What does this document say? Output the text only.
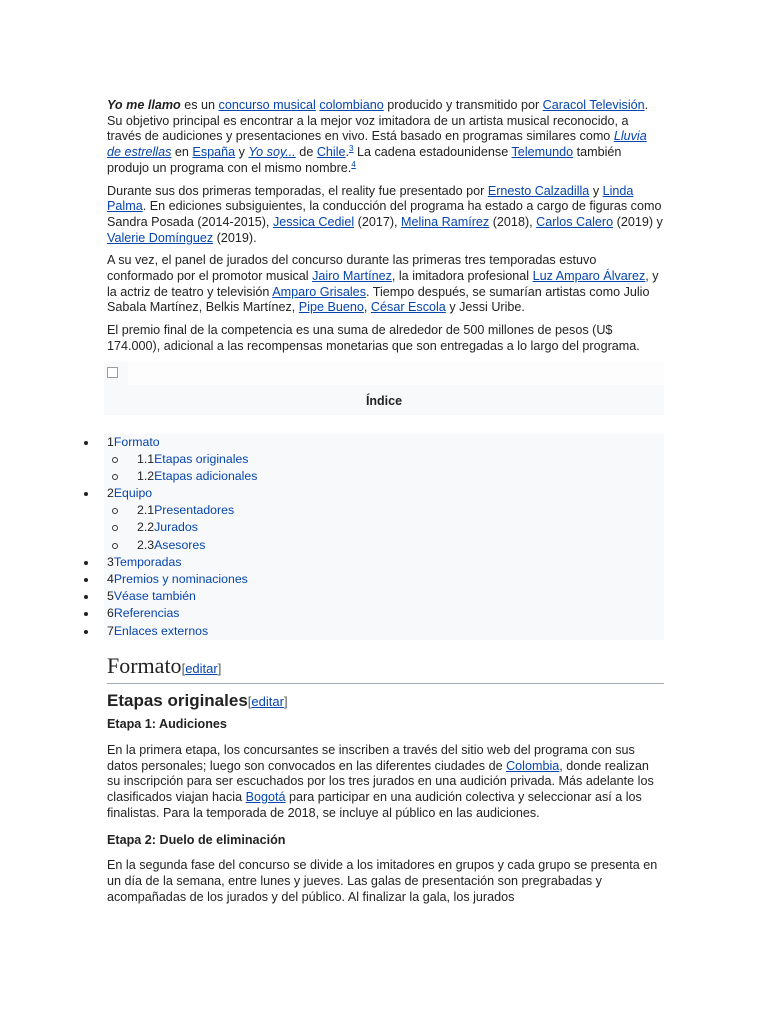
Yo me llamo es un concurso musical colombiano producido y transmitido por Caracol Televisión. Su objetivo principal es encontrar a la mejor voz imitadora de un artista musical reconocido, a través de audiciones y presentaciones en vivo. Está basado en programas similares como Lluvia de estrellas en España y Yo soy... de Chile.$^3$ La cadena estadounidense Telemundo también produjo un programa con el mismo nombre.$^4$

Durante sus dos primeras temporadas, el reality fue presentado por Ernesto Calzadilla y Linda Palma. En ediciones subsiguientes, la conducción del programa ha estado a cargo de figuras como Sandra Posada (2014-2015), Jessica Cediel (2017), Melina Ramírez (2018), Carlos Calero (2019) y Valerie Domínguez (2019).

A su vez, el panel de jurados del concurso durante las primeras tres temporadas estuvo conformado por el promotor musical Jairo Martínez, la imitadora profesional Luz Amparo Álvarez, y la actriz de teatro y televisión Amparo Grisales. Tiempo después, se sumarían artistas como Julio Sabala Martínez, Belkis Martínez, Pipe Bueno, César Escola y Jessi Uribe.

El premio final de la competencia es una suma de alrededor de 500 millones de pesos (U$ 174.000), adicional a las recompensas monetarias que son entregadas a lo largo del programa.

Índice
1Formato
1.1Etapas originales
1.2Etapas adicionales
2Equipo
2.1Presentadores
2.2Jurados
2.3Asesores
3Temporadas
4Premios y nominaciones
5Véase también
6Referencias
7Enlaces externos
Formato[editar]
Etapas originales[editar]
Etapa 1: Audiciones

En la primera etapa, los concursantes se inscriben a través del sitio web del programa con sus datos personales; luego son convocados en las diferentes ciudades de Colombia, donde realizan su inscripción para ser escuchados por los tres jurados en una audición privada. Más adelante los clasificados viajan hacia Bogotá para participar en una audición colectiva y seleccionar así a los finalistas. Para la temporada de 2018, se incluye al público en las audiciones.

Etapa 2: Duelo de eliminación

En la segunda fase del concurso se divide a los imitadores en grupos y cada grupo se presenta en un día de la semana, entre lunes y jueves. Las galas de presentación son pregrabadas y acompañadas de los jurados y del público. Al finalizar la gala, los jurados
